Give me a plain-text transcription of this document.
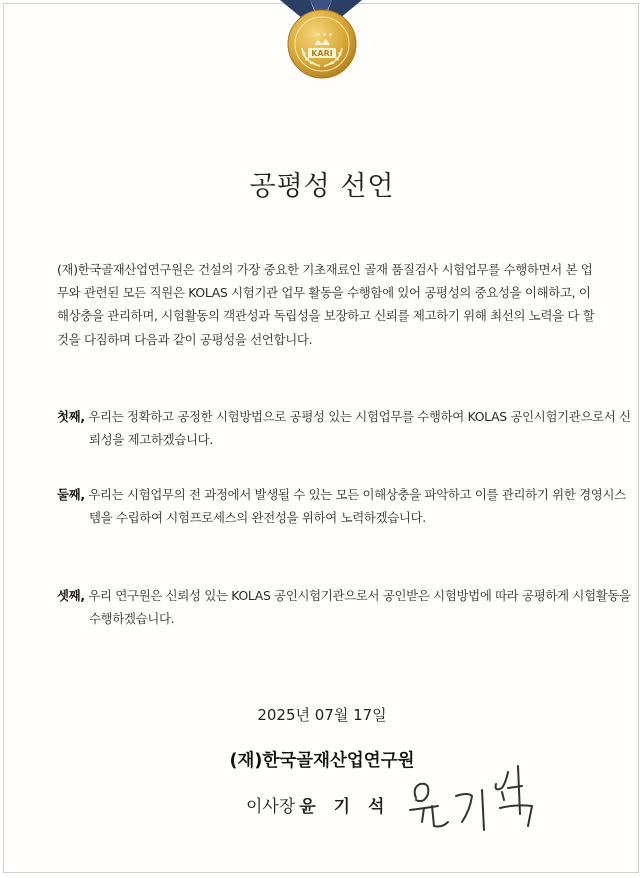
★ ★ ★
KARI
공평성 선언
(재)한국골재산업연구원은 건설의 가장 중요한 기초재료인 골재 품질검사 시험업무를 수행하면서 본 업무와 관련된 모든 직원은 KOLAS 시험기관 업무 활동을 수행함에 있어 공평성의 중요성을 이해하고, 이해상충을 관리하며, 시험활동의 객관성과 독립성을 보장하고 신뢰를 제고하기 위해 최선의 노력을 다 할 것을 다짐하며 다음과 같이 공평성을 선언합니다.
첫째, 우리는 정확하고 공정한 시험방법으로 공평성 있는 시험업무를 수행하여 KOLAS 공인시험기관으로서 신뢰성을 제고하겠습니다.
둘째, 우리는 시험업무의 전 과정에서 발생될 수 있는 모든 이해상충을 파악하고 이를 관리하기 위한 경영시스템을 수립하여 시험프로세스의 완전성을 위하여 노력하겠습니다.
셋째, 우리 연구원은 신뢰성 있는 KOLAS 공인시험기관으로서 공인받은 시험방법에 따라 공평하게 시험활동을 수행하겠습니다.
2025년 07월 17일
(재)한국골재산업연구원
이사장 윤 기 석
